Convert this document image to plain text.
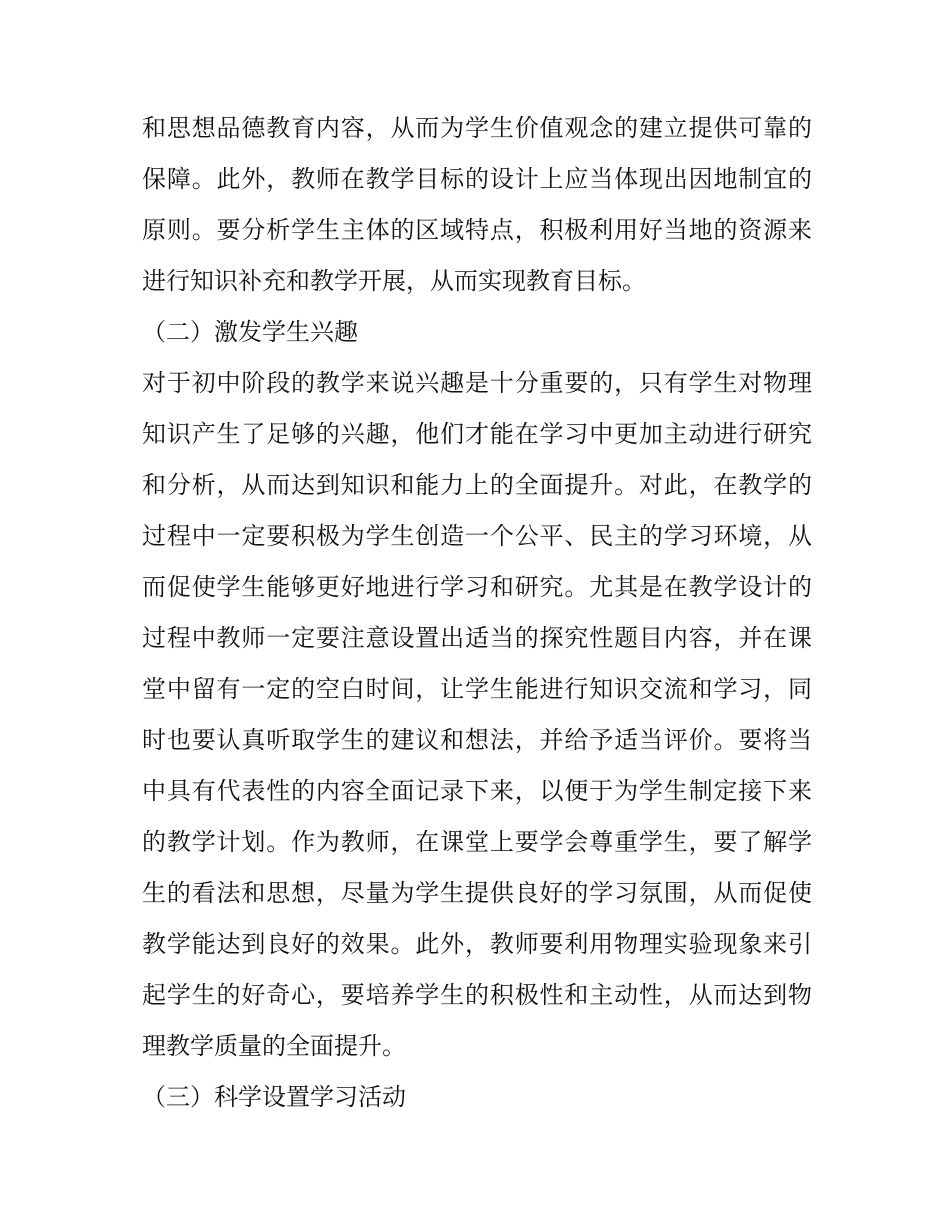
和思想品德教育内容，从而为学生价值观念的建立提供可靠的
保障。此外，教师在教学目标的设计上应当体现出因地制宜的
原则。要分析学生主体的区域特点，积极利用好当地的资源来
进行知识补充和教学开展，从而实现教育目标。
（二）激发学生兴趣
对于初中阶段的教学来说兴趣是十分重要的，只有学生对物理
知识产生了足够的兴趣，他们才能在学习中更加主动进行研究
和分析，从而达到知识和能力上的全面提升。对此，在教学的
过程中一定要积极为学生创造一个公平、民主的学习环境，从
而促使学生能够更好地进行学习和研究。尤其是在教学设计的
过程中教师一定要注意设置出适当的探究性题目内容，并在课
堂中留有一定的空白时间，让学生能进行知识交流和学习，同
时也要认真听取学生的建议和想法，并给予适当评价。要将当
中具有代表性的内容全面记录下来，以便于为学生制定接下来
的教学计划。作为教师，在课堂上要学会尊重学生，要了解学
生的看法和思想，尽量为学生提供良好的学习氛围，从而促使
教学能达到良好的效果。此外，教师要利用物理实验现象来引
起学生的好奇心，要培养学生的积极性和主动性，从而达到物
理教学质量的全面提升。
（三）科学设置学习活动
